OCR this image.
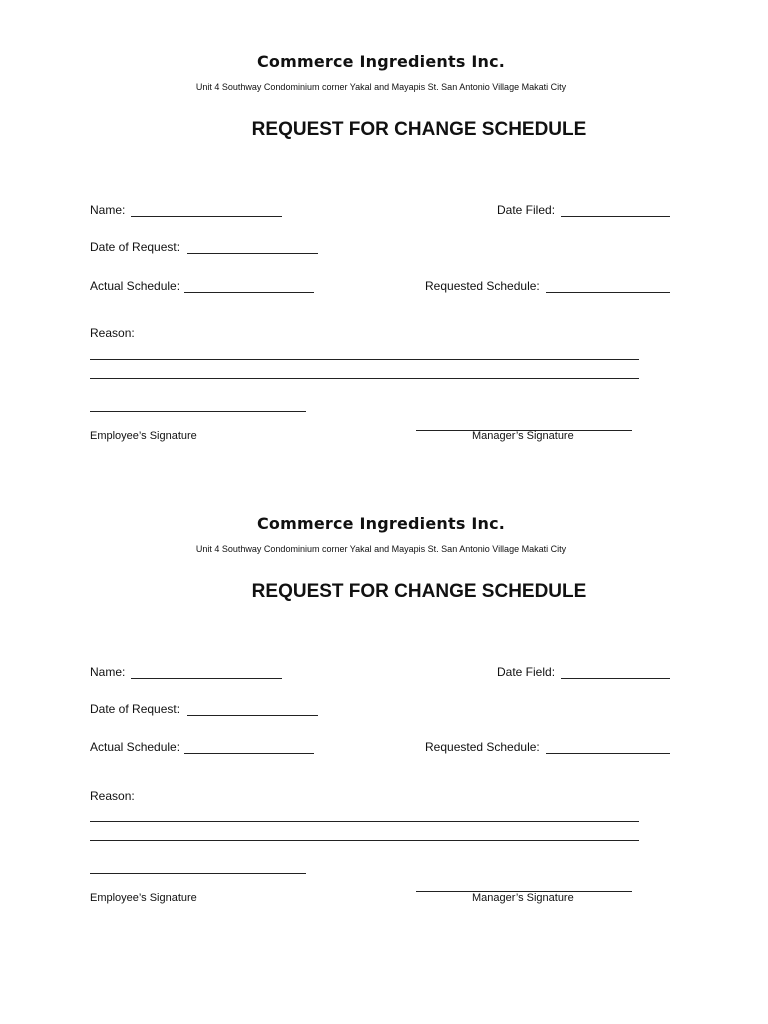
Commerce Ingredients Inc.
Unit 4 Southway Condominium corner Yakal and Mayapis St. San Antonio Village Makati City
REQUEST FOR CHANGE SCHEDULE
Name:	Date Filed:
Date of Request:
Actual Schedule:	Requested Schedule:
Reason:
Employee’s Signature	Manager’s Signature
Commerce Ingredients Inc.
Unit 4 Southway Condominium corner Yakal and Mayapis St. San Antonio Village Makati City
REQUEST FOR CHANGE SCHEDULE
Name:	Date Field:
Date of Request:
Actual Schedule:	Requested Schedule:
Reason:
Employee’s Signature	Manager’s Signature
